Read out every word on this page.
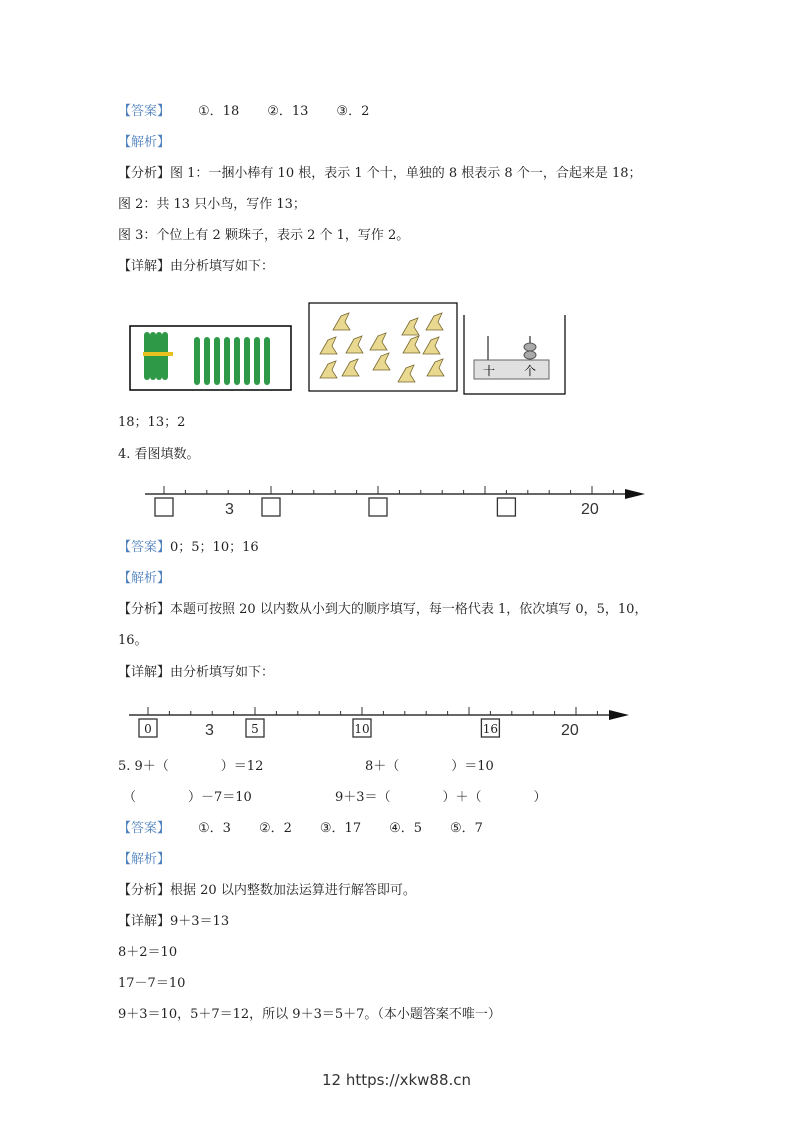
【答案】 ①．18 ②．13 ③．2
【解析】
【分析】图 1：一捆小棒有 10 根，表示 1 个十，单独的 8 根表示 8 个一，合起来是 18；
图 2：共 13 只小鸟，写作 13；
图 3：个位上有 2 颗珠子，表示 2 个 1，写作 2。
【详解】由分析填写如下：
十 个
18；13；2
4. 看图填数。
3	20
【答案】0；5；10；16
【解析】
【分析】本题可按照 20 以内数从小到大的顺序填写，每一格代表 1，依次填写 0，5，10，
16。
【详解】由分析填写如下：
0	5	10	16
3	20
5. 9＋（　　　　）＝12	8＋（　　　　）＝10
（　　　　）－7＝10	9＋3＝（　　　　）＋（　　　　）
【答案】 ①．3 ②．2 ③．17 ④．5 ⑤．7
【解析】
【分析】根据 20 以内整数加法运算进行解答即可。
【详解】9＋3＝13
8＋2＝10
17－7＝10
9＋3＝10，5＋7＝12，所以 9＋3＝5＋7。（本小题答案不唯一）
12 https://xkw88.cn
